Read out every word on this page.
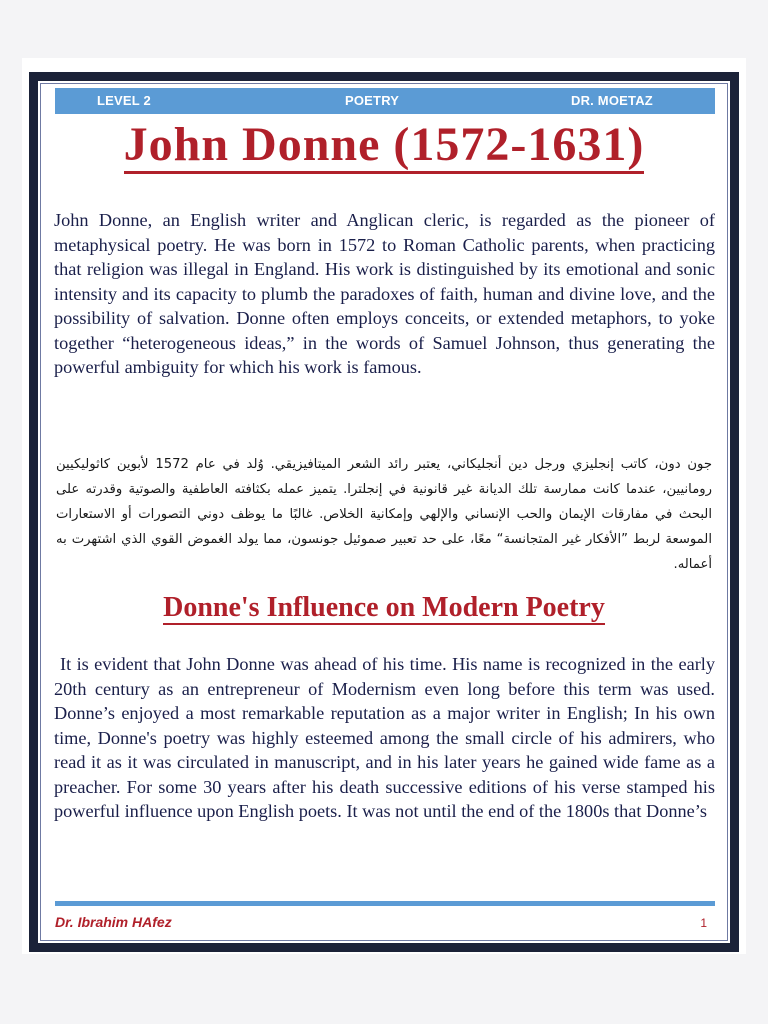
LEVEL 2	POETRY	DR. MOETAZ
John Donne (1572-1631)

John Donne, an English writer and Anglican cleric, is regarded as the pioneer of metaphysical poetry. He was born in 1572 to Roman Catholic parents, when practicing that religion was illegal in England. His work is distinguished by its emotional and sonic intensity and its capacity to plumb the paradoxes of faith, human and divine love, and the possibility of salvation. Donne often employs conceits, or extended metaphors, to yoke together “heterogeneous ideas,” in the words of Samuel Johnson, thus generating the powerful ambiguity for which his work is famous.

جون دون، كاتب إنجليزي ورجل دين أنجليكاني، يعتبر رائد الشعر الميتافيزيقي. وُلد في عام 1572 لأبوين كاثوليكيين رومانيين، عندما كانت ممارسة تلك الديانة غير قانونية في إنجلترا. يتميز عمله بكثافته العاطفية والصوتية وقدرته على البحث في مفارقات الإيمان والحب الإنساني والإلهي وإمكانية الخلاص. غالبًا ما يوظف دوني التصورات أو الاستعارات الموسعة لربط ”الأفكار غير المتجانسة“ معًا، على حد تعبير صموئيل جونسون، مما يولد الغموض القوي الذي اشتهرت به أعماله.

Donne's Influence on Modern Poetry

It is evident that John Donne was ahead of his time. His name is recognized in the early 20th century as an entrepreneur of Modernism even long before this term was used. Donne’s enjoyed a most remarkable reputation as a major writer in English; In his own time, Donne's poetry was highly esteemed among the small circle of his admirers, who read it as it was circulated in manuscript, and in his later years he gained wide fame as a preacher. For some 30 years after his death successive editions of his verse stamped his powerful influence upon English poets. It was not until the end of the 1800s that Donne’s

Dr. Ibrahim HAfez	1
